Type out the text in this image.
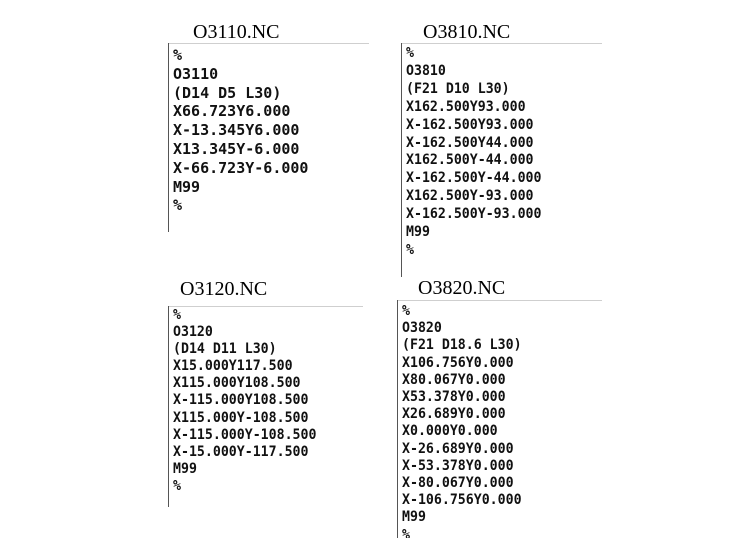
O3110.NC
%
O3110
(D14 D5 L30)
X66.723Y6.000
X-13.345Y6.000
X13.345Y-6.000
X-66.723Y-6.000
M99
%
O3810.NC
%
O3810
(F21 D10 L30)
X162.500Y93.000
X-162.500Y93.000
X-162.500Y44.000
X162.500Y-44.000
X-162.500Y-44.000
X162.500Y-93.000
X-162.500Y-93.000
M99
%
O3120.NC
%
O3120
(D14 D11 L30)
X15.000Y117.500
X115.000Y108.500
X-115.000Y108.500
X115.000Y-108.500
X-115.000Y-108.500
X-15.000Y-117.500
M99
%
O3820.NC
%
O3820
(F21 D18.6 L30)
X106.756Y0.000
X80.067Y0.000
X53.378Y0.000
X26.689Y0.000
X0.000Y0.000
X-26.689Y0.000
X-53.378Y0.000
X-80.067Y0.000
X-106.756Y0.000
M99
%
